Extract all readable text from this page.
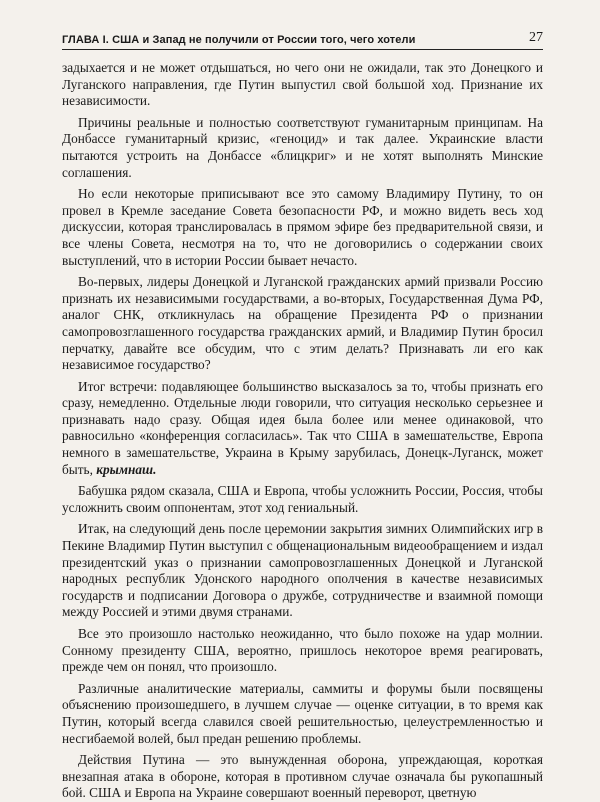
ГЛАВА I. США и Запад не получили от России того, чего хотели	27

задыхается и не может отдышаться, но чего они не ожидали, так это Донецкого и Луганского направления, где Путин выпустил свой большой ход. Признание их независимости.

Причины реальные и полностью соответствуют гуманитарным принципам. На Донбассе гуманитарный кризис, «геноцид» и так далее. Украинские власти пытаются устроить на Донбассе «блицкриг» и не хотят выполнять Минские соглашения.

Но если некоторые приписывают все это самому Владимиру Путину, то он провел в Кремле заседание Совета безопасности РФ, и можно видеть весь ход дискуссии, которая транслировалась в прямом эфире без предварительной связи, и все члены Совета, несмотря на то, что не договорились о содержании своих выступлений, что в истории России бывает нечасто.

Во-первых, лидеры Донецкой и Луганской гражданских армий призвали Россию признать их независимыми государствами, а во-вторых, Государственная Дума РФ, аналог СНК, откликнулась на обращение Президента РФ о признании самопровозглашенного государства гражданских армий, и Владимир Путин бросил перчатку, давайте все обсудим, что с этим делать? Признавать ли его как независимое государство?

Итог встречи: подавляющее большинство высказалось за то, чтобы признать его сразу, немедленно. Отдельные люди говорили, что ситуация несколько серьезнее и признавать надо сразу. Общая идея была более или менее одинаковой, что равносильно «конференция согласилась». Так что США в замешательстве, Европа немного в замешательстве, Украина в Крыму зарубилась, Донецк-Луганск, может быть, крымнаш.

Бабушка рядом сказала, США и Европа, чтобы усложнить России, Россия, чтобы усложнить своим оппонентам, этот ход гениальный.

Итак, на следующий день после церемонии закрытия зимних Олимпийских игр в Пекине Владимир Путин выступил с общенациональным видеообращением и издал президентский указ о признании самопровозглашенных Донецкой и Луганской народных республик Удонского народного ополчения в качестве независимых государств и подписании Договора о дружбе, сотрудничестве и взаимной помощи между Россией и этими двумя странами.

Все это произошло настолько неожиданно, что было похоже на удар молнии. Сонному президенту США, вероятно, пришлось некоторое время реагировать, прежде чем он понял, что произошло.

Различные аналитические материалы, саммиты и форумы были посвящены объяснению произошедшего, в лучшем случае — оценке ситуации, в то время как Путин, который всегда славился своей решительностью, целеустремленностью и несгибаемой волей, был предан решению проблемы.

Действия Путина — это вынужденная оборона, упреждающая, короткая внезапная атака в обороне, которая в противном случае означала бы рукопашный бой. США и Европа на Украине совершают военный переворот, цветную
